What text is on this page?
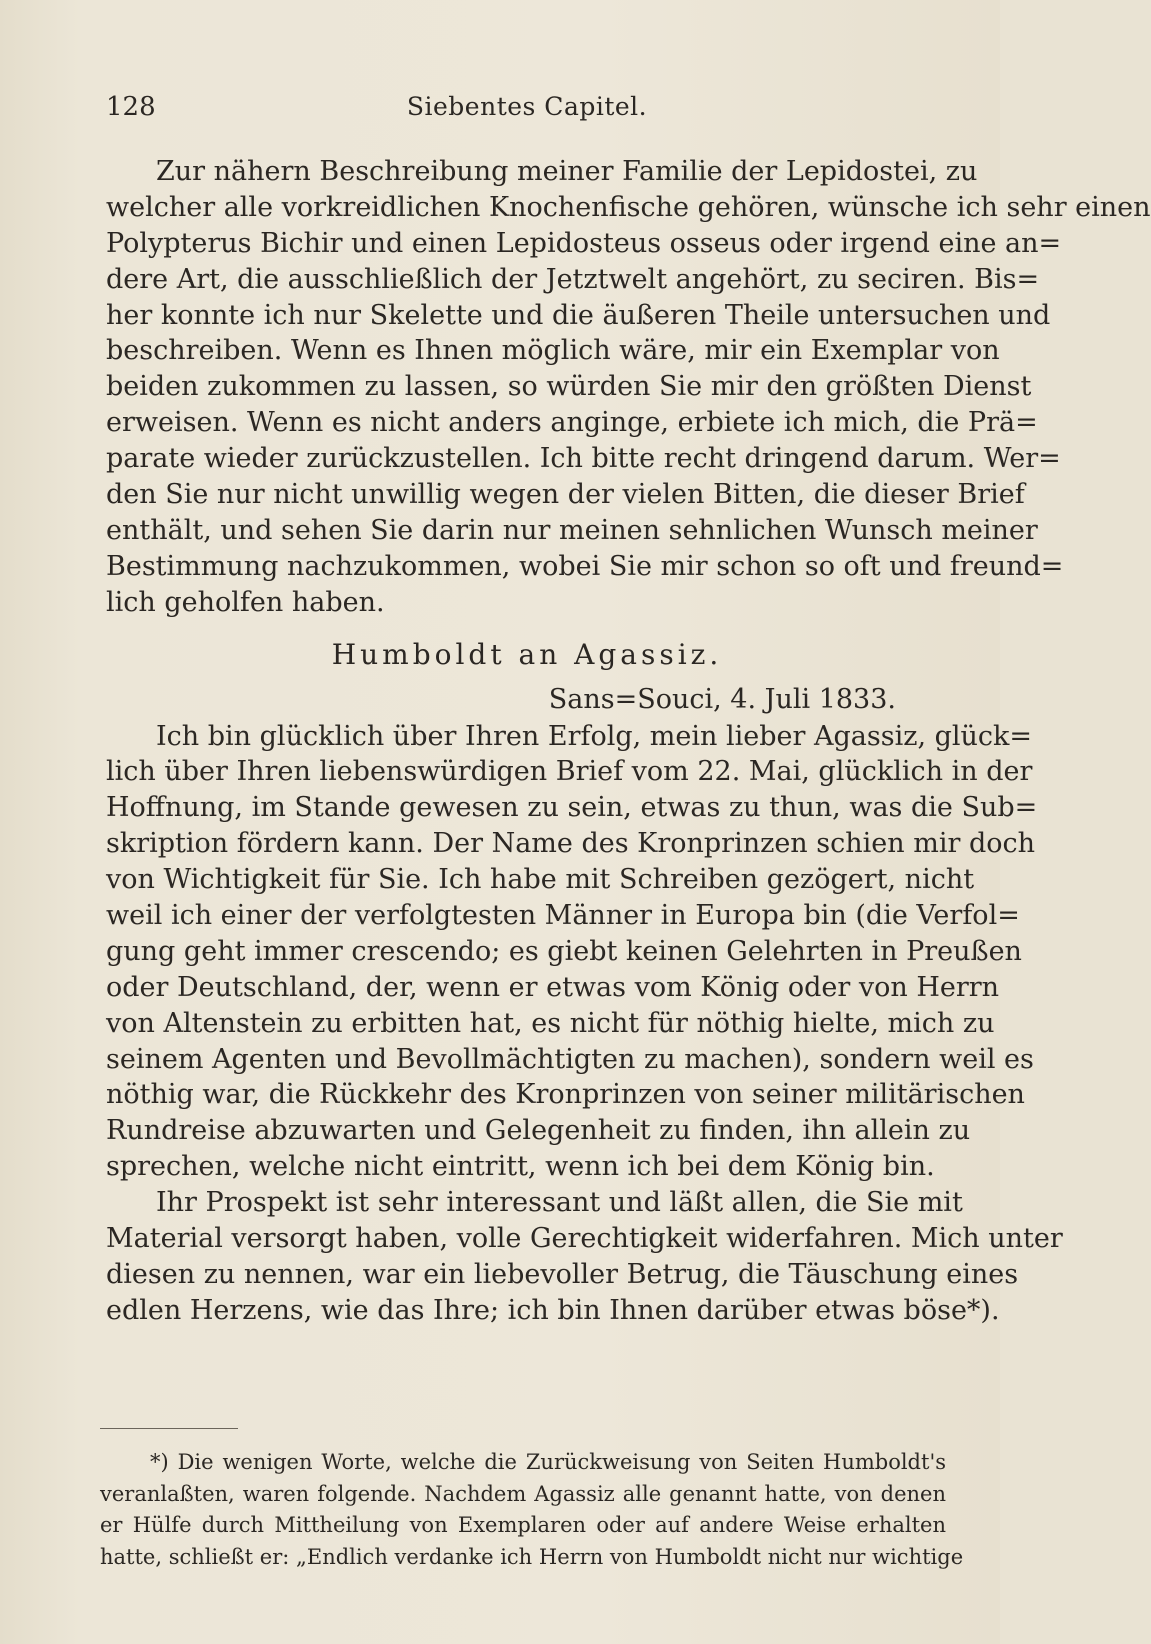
128	Siebentes Capitel.
Zur nähern Beschreibung meiner Familie der Lepidostei, zu
welcher alle vorkreidlichen Knochenfische gehören, wünsche ich sehr einen
Polypterus Bichir und einen Lepidosteus osseus oder irgend eine an=
dere Art, die ausschließlich der Jetztwelt angehört, zu seciren. Bis=
her konnte ich nur Skelette und die äußeren Theile untersuchen und
beschreiben. Wenn es Ihnen möglich wäre, mir ein Exemplar von
beiden zukommen zu lassen, so würden Sie mir den größten Dienst
erweisen. Wenn es nicht anders anginge, erbiete ich mich, die Prä=
parate wieder zurückzustellen. Ich bitte recht dringend darum. Wer=
den Sie nur nicht unwillig wegen der vielen Bitten, die dieser Brief
enthält, und sehen Sie darin nur meinen sehnlichen Wunsch meiner
Bestimmung nachzukommen, wobei Sie mir schon so oft und freund=
lich geholfen haben.
Humboldt an Agassiz.
Sans=Souci, 4. Juli 1833.
Ich bin glücklich über Ihren Erfolg, mein lieber Agassiz, glück=
lich über Ihren liebenswürdigen Brief vom 22. Mai, glücklich in der
Hoffnung, im Stande gewesen zu sein, etwas zu thun, was die Sub=
skription fördern kann. Der Name des Kronprinzen schien mir doch
von Wichtigkeit für Sie. Ich habe mit Schreiben gezögert, nicht
weil ich einer der verfolgtesten Männer in Europa bin (die Verfol=
gung geht immer crescendo; es giebt keinen Gelehrten in Preußen
oder Deutschland, der, wenn er etwas vom König oder von Herrn
von Altenstein zu erbitten hat, es nicht für nöthig hielte, mich zu
seinem Agenten und Bevollmächtigten zu machen), sondern weil es
nöthig war, die Rückkehr des Kronprinzen von seiner militärischen
Rundreise abzuwarten und Gelegenheit zu finden, ihn allein zu
sprechen, welche nicht eintritt, wenn ich bei dem König bin.
Ihr Prospekt ist sehr interessant und läßt allen, die Sie mit
Material versorgt haben, volle Gerechtigkeit widerfahren. Mich unter
diesen zu nennen, war ein liebevoller Betrug, die Täuschung eines
edlen Herzens, wie das Ihre; ich bin Ihnen darüber etwas böse*).
*) Die wenigen Worte, welche die Zurückweisung von Seiten Humboldt's
veranlaßten, waren folgende. Nachdem Agassiz alle genannt hatte, von denen
er Hülfe durch Mittheilung von Exemplaren oder auf andere Weise erhalten
hatte, schließt er: „Endlich verdanke ich Herrn von Humboldt nicht nur wichtige
